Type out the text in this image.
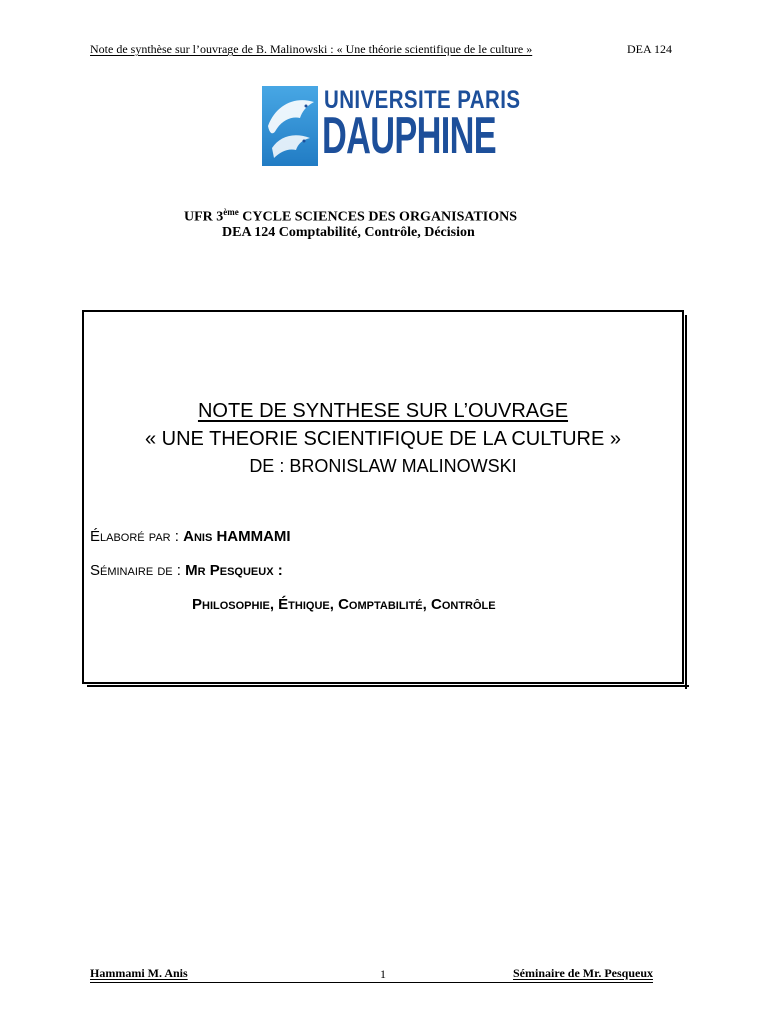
Note de synthèse sur l’ouvrage de B. Malinowski : « Une théorie scientifique de le culture »	DEA 124
UNIVERSITE PARIS
DAUPHINE
UFR 3ème CYCLE SCIENCES DES ORGANISATIONS
DEA 124 Comptabilité, Contrôle, Décision
NOTE DE SYNTHESE SUR L’OUVRAGE
« UNE THEORIE SCIENTIFIQUE DE LA CULTURE »
DE : BRONISLAW MALINOWSKI
Élaboré par : Anis HAMMAMI
Séminaire de : Mr Pesqueux :
Philosophie, Éthique, Comptabilité, Contrôle
Hammami M. Anis	1	Séminaire de Mr. Pesqueux
